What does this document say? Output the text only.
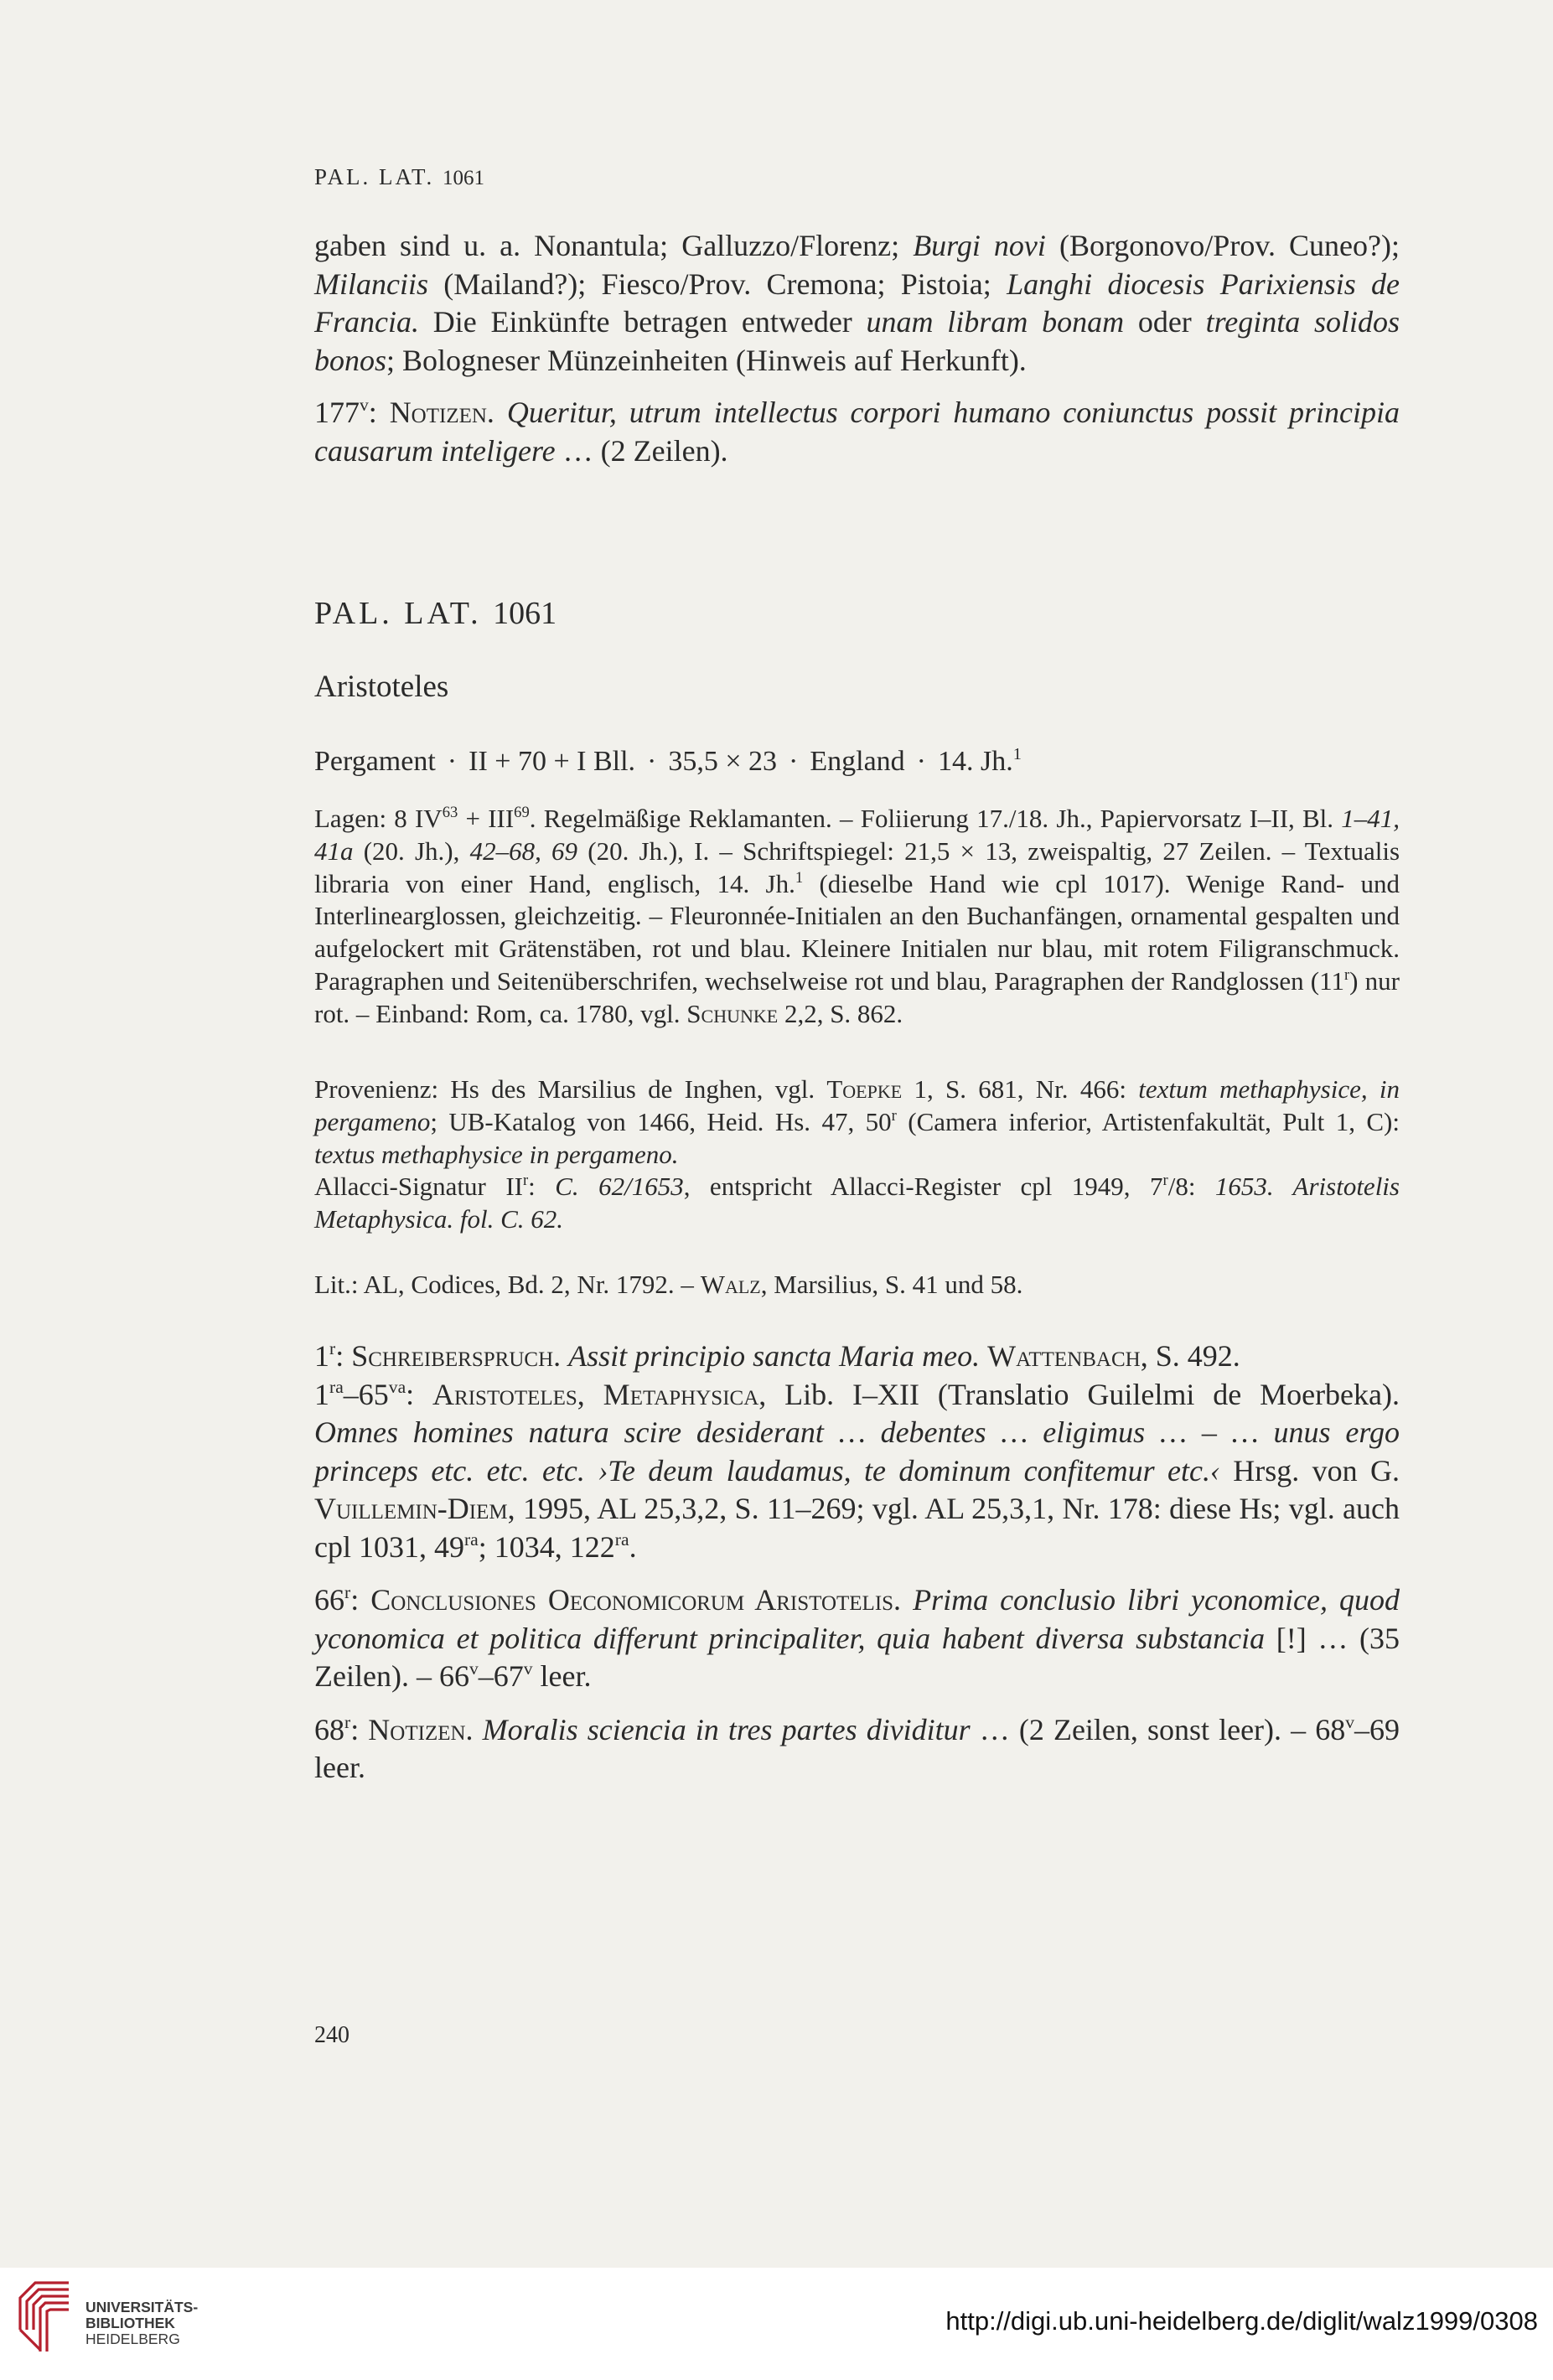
PAL. LAT. 1061

gaben sind u. a. Nonantula; Galluzzo/Florenz; Burgi novi (Borgonovo/Prov. Cuneo?); Milanciis (Mailand?); Fiesco/Prov. Cremona; Pistoia; Langhi diocesis Parixiensis de Francia. Die Einkünfte betragen entweder unam libram bonam oder treginta solidos bonos; Bologneser Münzeinheiten (Hinweis auf Herkunft).

177$^v$: Notizen. Queritur, utrum intellectus corpori humano coniunctus possit principia causarum inteligere … (2 Zeilen).

PAL. LAT. 1061
Aristoteles
Pergament · II + 70 + I Bll. · 35,5 × 23 · England · 14. Jh.$^1$

Lagen: 8 $IV^{63} + III^{69}$. Regelmäßige Reklamanten. – Foliierung 17./18. Jh., Papiervorsatz I–II, Bl. 1–41, 41a (20. Jh.), 42–68, 69 (20. Jh.), I. – Schriftspiegel: 21,5 × 13, zweispaltig, 27 Zeilen. – Textualis libraria von einer Hand, englisch, 14. Jh.$^1$ (dieselbe Hand wie cpl 1017). Wenige Rand- und Interlinearglossen, gleichzeitig. – Fleuronnée-Initialen an den Buchanfängen, ornamental gespalten und aufgelockert mit Grätenstäben, rot und blau. Kleinere Initialen nur blau, mit rotem Filigranschmuck. Paragraphen und Seitenüberschrifen, wechselweise rot und blau, Paragraphen der Randglossen (11$^r$) nur rot. – Einband: Rom, ca. 1780, vgl. Schunke 2,2, S. 862.

Provenienz: Hs des Marsilius de Inghen, vgl. Toepke 1, S. 681, Nr. 466: textum methaphysice, in pergameno; UB-Katalog von 1466, Heid. Hs. 47, 50$^r$ (Camera inferior, Artistenfakultät, Pult 1, C): textus methaphysice in pergameno.

Allacci-Signatur $II^r$: C. 62/1653, entspricht Allacci-Register cpl 1949, 7$^r$/8: 1653. Aristotelis Metaphysica. fol. C. 62.

Lit.: AL, Codices, Bd. 2, Nr. 1792. – Walz, Marsilius, S. 41 und 58.

1$^r$: Schreiberspruch. Assit principio sancta Maria meo. Wattenbach, S. 492.

$1^{ra}-65^{va}$: Aristoteles, Metaphysica, Lib. I–XII (Translatio Guilelmi de Moerbeka). Omnes homines natura scire desiderant … debentes … eligimus … – … unus ergo princeps etc. etc. etc. ›Te deum laudamus, te dominum confitemur etc.‹ Hrsg. von G. Vuillemin-Diem, 1995, AL 25,3,2, S. 11–269; vgl. AL 25,3,1, Nr. 178: diese Hs; vgl. auch cpl 1031, $49^{ra}$; 1034, $122^{ra}$.

66$^r$: Conclusiones Oeconomicorum Aristotelis. Prima conclusio libri yconomice, quod yconomica et politica differunt principaliter, quia habent diversa substancia [!] … (35 Zeilen). – 66$^v$–67$^v$ leer.

68$^r$: Notizen. Moralis sciencia in tres partes dividitur … (2 Zeilen, sonst leer). – 68$^v$–69 leer.

240
UNIVERSITÄTS-
BIBLIOTHEK
HEIDELBERG
http://digi.ub.uni-heidelberg.de/diglit/walz1999/0308
